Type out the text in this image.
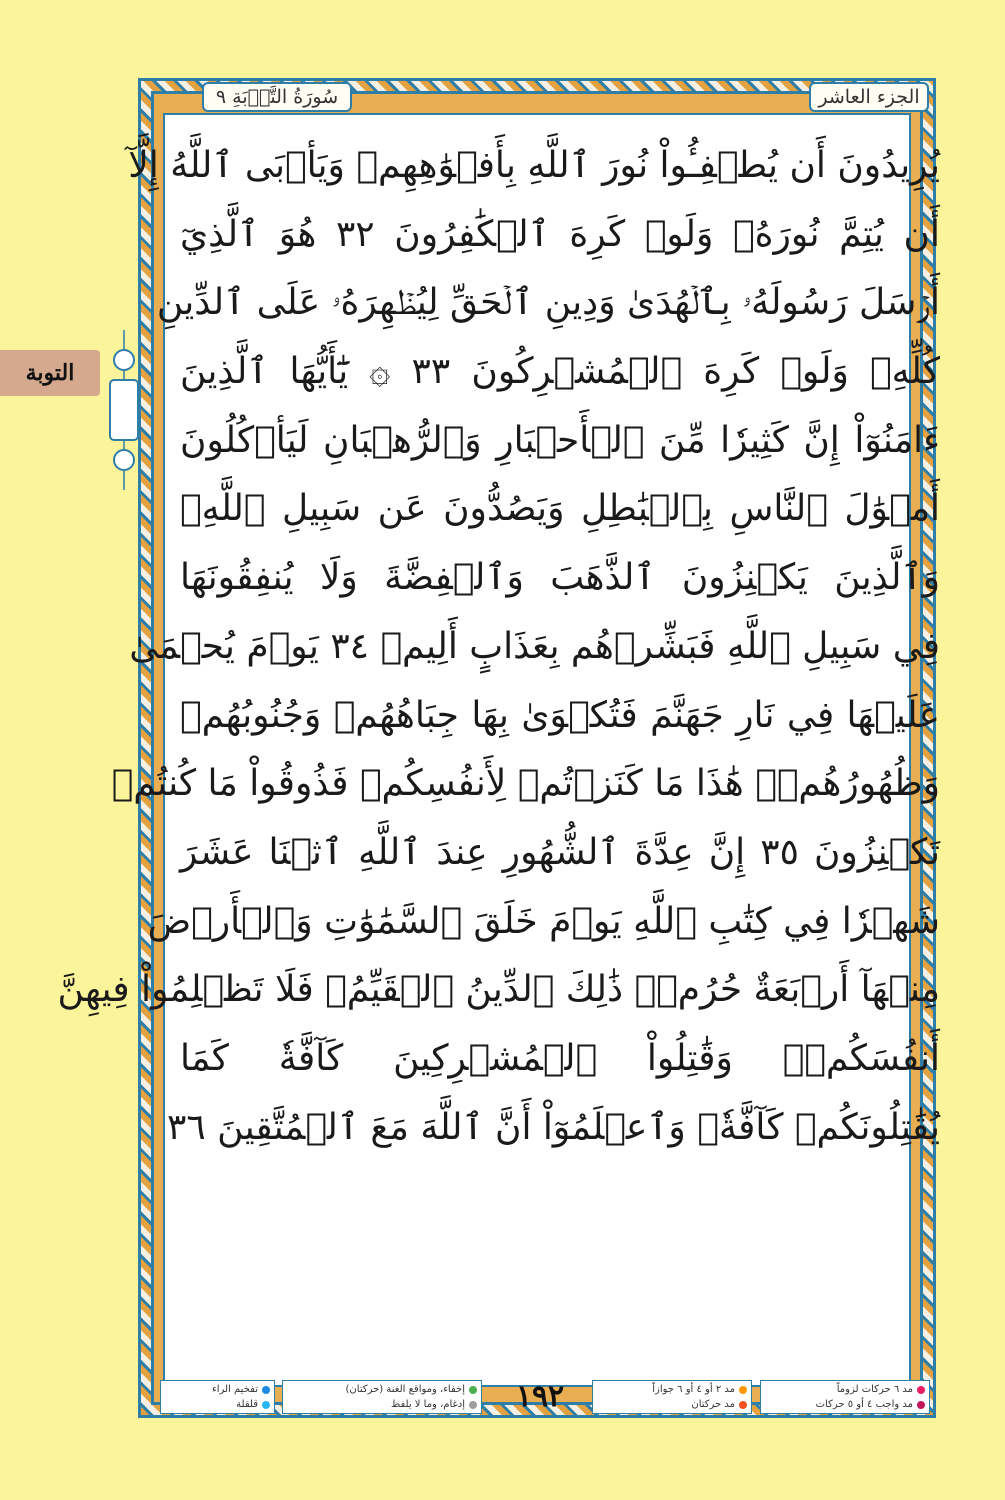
سُورَةُ التَّوۡبَةِ ٩	الجزء العاشر
التوبة
يُرِيدُونَ أَن يُطۡفِـُٔواْ نُورَ ٱللَّهِ بِأَفۡوَٰهِهِمۡ وَيَأۡبَى ٱللَّهُ إِلَّآ
أَن يُتِمَّ نُورَهُۥ وَلَوۡ كَرِهَ ٱلۡكَٰفِرُونَ ٣٢ هُوَ ٱلَّذِيٓ
أَرۡسَلَ رَسُولَهُۥ بِٱلۡهُدَىٰ وَدِينِ ٱلۡحَقِّ لِيُظۡهِرَهُۥ عَلَى ٱلدِّينِ
كُلِّهِۦ وَلَوۡ كَرِهَ ٱلۡمُشۡرِكُونَ ٣٣ ۞ يَٰٓأَيُّهَا ٱلَّذِينَ
ءَامَنُوٓاْ إِنَّ كَثِيرٗا مِّنَ ٱلۡأَحۡبَارِ وَٱلرُّهۡبَانِ لَيَأۡكُلُونَ
أَمۡوَٰلَ ٱلنَّاسِ بِٱلۡبَٰطِلِ وَيَصُدُّونَ عَن سَبِيلِ ٱللَّهِۗ
وَٱلَّذِينَ يَكۡنِزُونَ ٱلذَّهَبَ وَٱلۡفِضَّةَ وَلَا يُنفِقُونَهَا
فِي سَبِيلِ ٱللَّهِ فَبَشِّرۡهُم بِعَذَابٍ أَلِيمٖ ٣٤ يَوۡمَ يُحۡمَىٰ
عَلَيۡهَا فِي نَارِ جَهَنَّمَ فَتُكۡوَىٰ بِهَا جِبَاهُهُمۡ وَجُنُوبُهُمۡ
وَظُهُورُهُمۡۖ هَٰذَا مَا كَنَزۡتُمۡ لِأَنفُسِكُمۡ فَذُوقُواْ مَا كُنتُمۡ
تَكۡنِزُونَ ٣٥ إِنَّ عِدَّةَ ٱلشُّهُورِ عِندَ ٱللَّهِ ٱثۡنَا عَشَرَ
شَهۡرٗا فِي كِتَٰبِ ٱللَّهِ يَوۡمَ خَلَقَ ٱلسَّمَٰوَٰتِ وَٱلۡأَرۡضَ
مِنۡهَآ أَرۡبَعَةٌ حُرُمٞۚ ذَٰلِكَ ٱلدِّينُ ٱلۡقَيِّمُۚ فَلَا تَظۡلِمُواْ فِيهِنَّ
أَنفُسَكُمۡۚ وَقَٰتِلُواْ ٱلۡمُشۡرِكِينَ كَآفَّةٗ كَمَا
يُقَٰتِلُونَكُمۡ كَآفَّةٗۚ وَٱعۡلَمُوٓاْ أَنَّ ٱللَّهَ مَعَ ٱلۡمُتَّقِينَ ٣٦
تفخيم الراء
قلقلة
إخفاء، ومواقع الغنة (حركتان)
إدغام، وما لا يلفظ	١٩٢	مد ٢ أو ٤ أو ٦ جوازاً
مد حركتان
مد ٦ حركات لزوماً
مد واجب ٤ أو ٥ حركات
